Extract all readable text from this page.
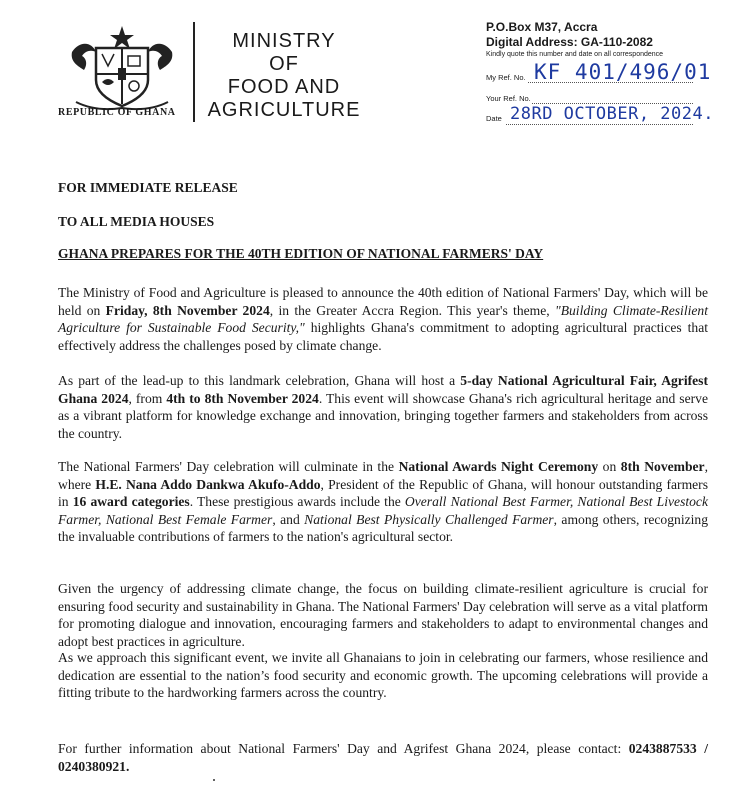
REPUBLIC OF GHANA
MINISTRY
OF
FOOD AND
AGRICULTURE
P.O.Box M37, Accra
Digital Address: GA-110-2082
Kindly quote this number and date on all correspondence
My Ref. No. KF 401/496/01
Your Ref. No.
Date 28RD OCTOBER, 2024.
FOR IMMEDIATE RELEASE
TO ALL MEDIA HOUSES
GHANA PREPARES FOR THE 40TH EDITION OF NATIONAL FARMERS' DAY
The Ministry of Food and Agriculture is pleased to announce the 40th edition of National Farmers' Day, which will be held on Friday, 8th November 2024, in the Greater Accra Region. This year's theme, "Building Climate-Resilient Agriculture for Sustainable Food Security," highlights Ghana's commitment to adopting agricultural practices that effectively address the challenges posed by climate change.
As part of the lead-up to this landmark celebration, Ghana will host a 5-day National Agricultural Fair, Agrifest Ghana 2024, from 4th to 8th November 2024. This event will showcase Ghana's rich agricultural heritage and serve as a vibrant platform for knowledge exchange and innovation, bringing together farmers and stakeholders from across the country.
The National Farmers' Day celebration will culminate in the National Awards Night Ceremony on 8th November, where H.E. Nana Addo Dankwa Akufo-Addo, President of the Republic of Ghana, will honour outstanding farmers in 16 award categories. These prestigious awards include the Overall National Best Farmer, National Best Livestock Farmer, National Best Female Farmer, and National Best Physically Challenged Farmer, among others, recognizing the invaluable contributions of farmers to the nation's agricultural sector.
Given the urgency of addressing climate change, the focus on building climate-resilient agriculture is crucial for ensuring food security and sustainability in Ghana. The National Farmers' Day celebration will serve as a vital platform for promoting dialogue and innovation, encouraging farmers and stakeholders to adapt to environmental changes and adopt best practices in agriculture.
As we approach this significant event, we invite all Ghanaians to join in celebrating our farmers, whose resilience and dedication are essential to the nation’s food security and economic growth. The upcoming celebrations will provide a fitting tribute to the hardworking farmers across the country.
For further information about National Farmers' Day and Agrifest Ghana 2024, please contact: 0243887533 / 0240380921.
